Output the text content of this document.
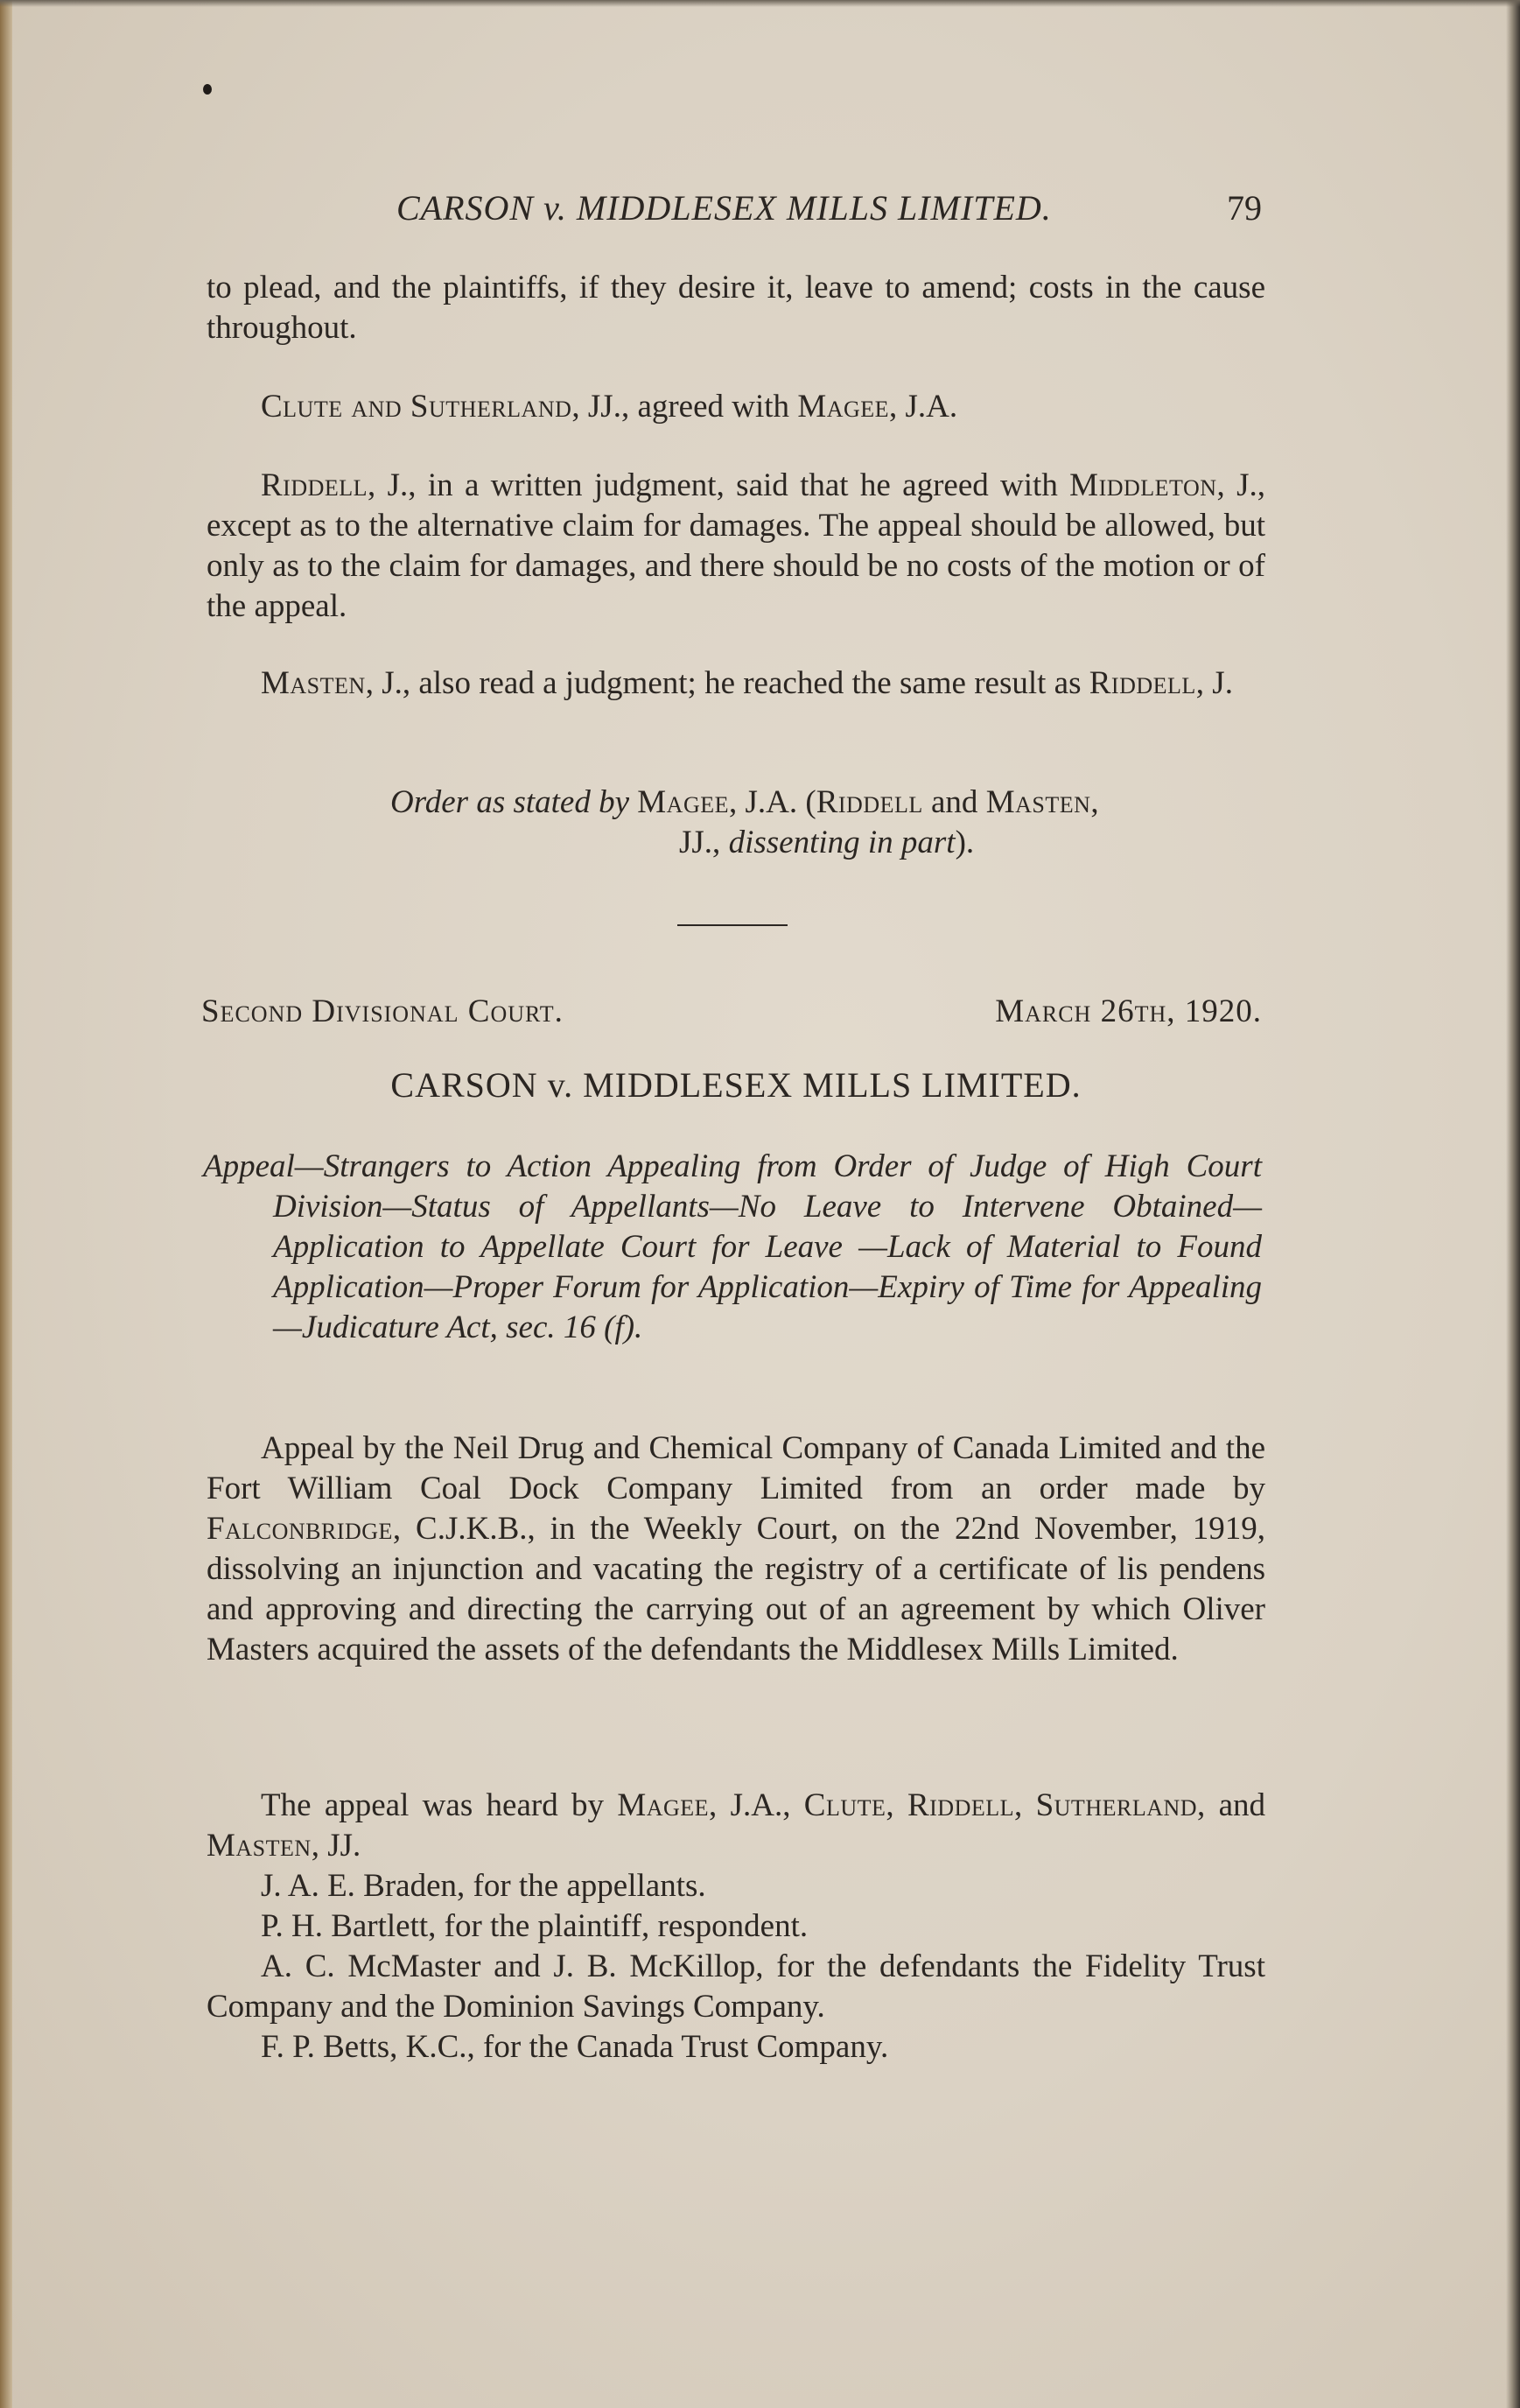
CARSON v. MIDDLESEX MILLS LIMITED.	79
to plead, and the plaintiffs, if they desire it, leave to amend; costs in the cause throughout.
Clute and Sutherland, JJ., agreed with Magee, J.A.
Riddell, J., in a written judgment, said that he agreed with Middleton, J., except as to the alternative claim for damages. The appeal should be allowed, but only as to the claim for damages, and there should be no costs of the motion or of the appeal.
Masten, J., also read a judgment; he reached the same result as Riddell, J.
Order as stated by Magee, J.A. (Riddell and Masten,
JJ., dissenting in part).
Second Divisional Court.	March 26th, 1920.
CARSON v. MIDDLESEX MILLS LIMITED.
Appeal—Strangers to Action Appealing from Order of Judge of High Court Division—Status of Appellants—No Leave to Intervene Obtained—Application to Appellate Court for Leave —Lack of Material to Found Application—Proper Forum for Application—Expiry of Time for Appealing—Judicature Act, sec. 16 (f).
Appeal by the Neil Drug and Chemical Company of Canada Limited and the Fort William Coal Dock Company Limited from an order made by Falconbridge, C.J.K.B., in the Weekly Court, on the 22nd November, 1919, dissolving an injunction and vacating the registry of a certificate of lis pendens and approving and directing the carrying out of an agreement by which Oliver Masters acquired the assets of the defendants the Middlesex Mills Limited.

The appeal was heard by Magee, J.A., Clute, Riddell, Sutherland, and Masten, JJ.

J. A. E. Braden, for the appellants.

P. H. Bartlett, for the plaintiff, respondent.

A. C. McMaster and J. B. McKillop, for the defendants the Fidelity Trust Company and the Dominion Savings Company.

F. P. Betts, K.C., for the Canada Trust Company.
